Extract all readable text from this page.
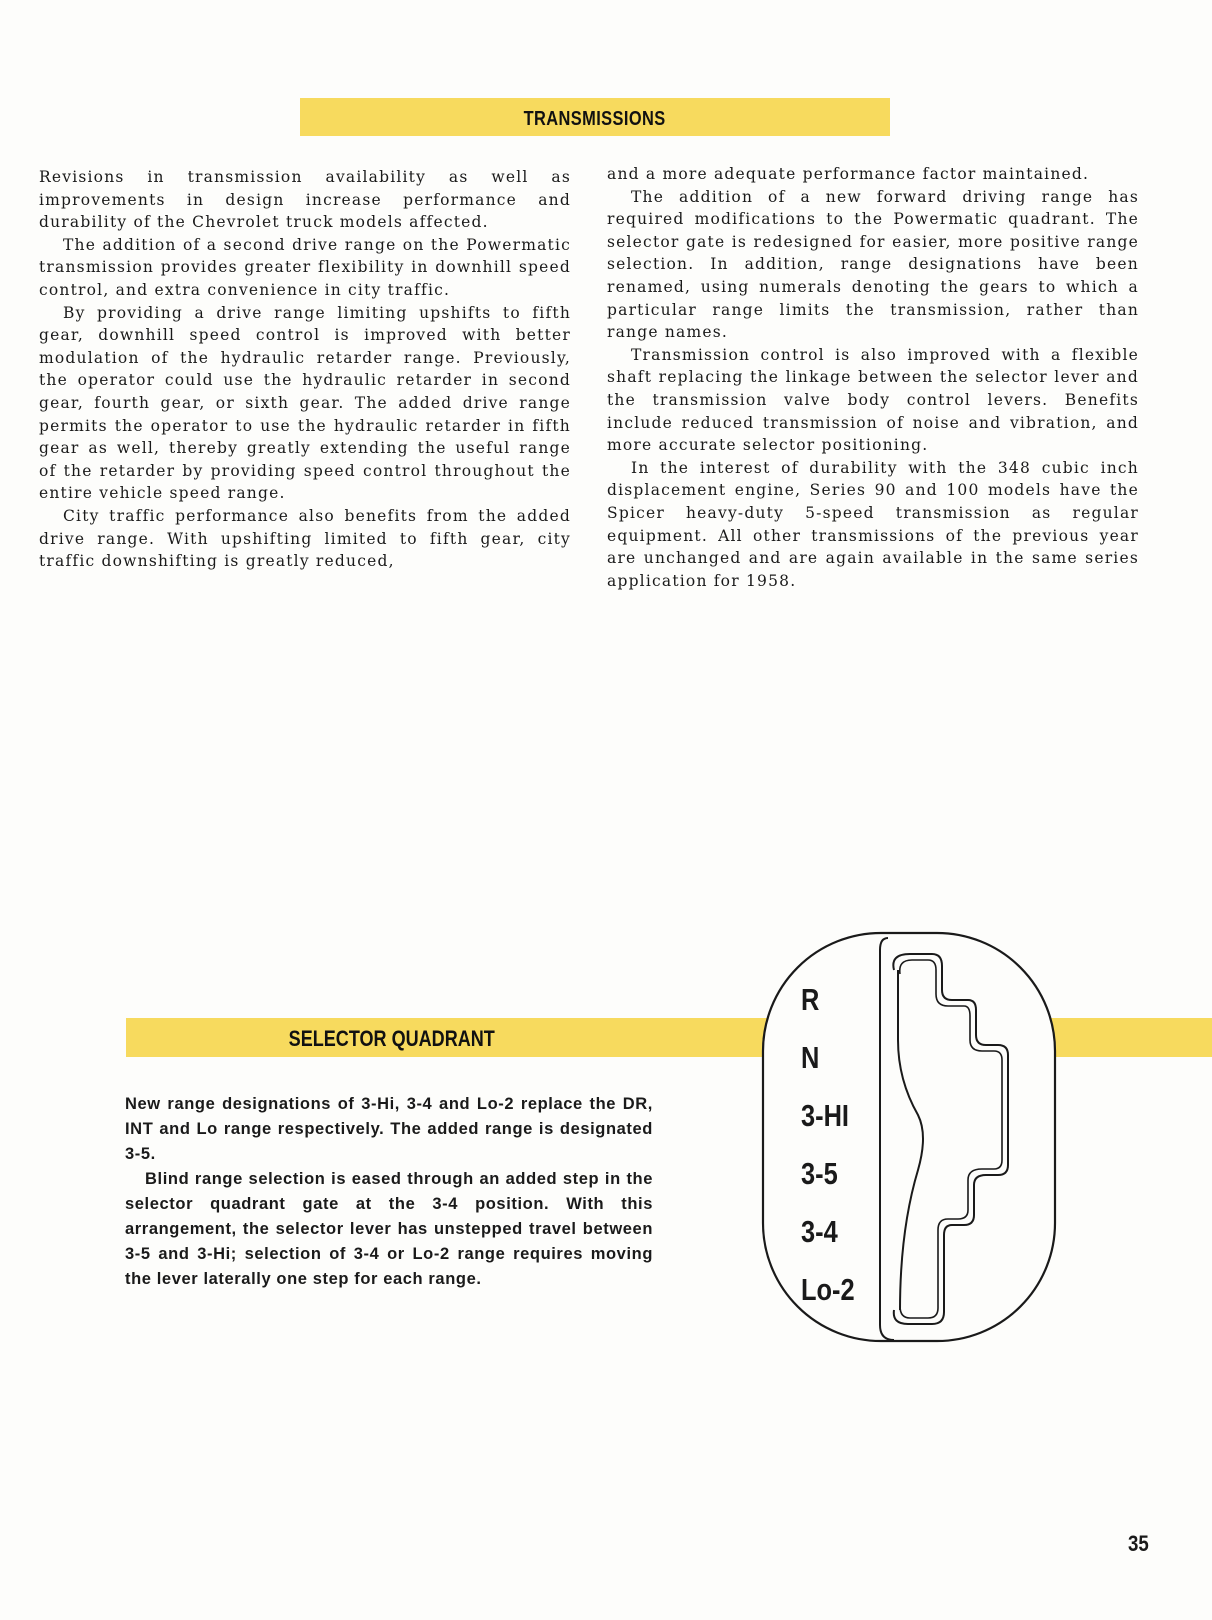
TRANSMISSIONS

Revisions in transmission availability as well as improvements in design increase performance and durability of the Chevrolet truck models affected.

The addition of a second drive range on the Powermatic transmission provides greater flexibility in downhill speed control, and extra convenience in city traffic.

By providing a drive range limiting upshifts to fifth gear, downhill speed control is improved with better modulation of the hydraulic retarder range. Previously, the operator could use the hydraulic retarder in second gear, fourth gear, or sixth gear. The added drive range permits the operator to use the hydraulic retarder in fifth gear as well, thereby greatly extending the useful range of the retarder by providing speed control throughout the entire vehicle speed range.

City traffic performance also benefits from the added drive range. With upshifting limited to fifth gear, city traffic downshifting is greatly reduced,

and a more adequate performance factor maintained.

The addition of a new forward driving range has required modifications to the Powermatic quadrant. The selector gate is redesigned for easier, more positive range selection. In addition, range designations have been renamed, using numerals denoting the gears to which a particular range limits the transmission, rather than range names.

Transmission control is also improved with a flexible shaft replacing the linkage between the selector lever and the transmission valve body control levers. Benefits include reduced transmission of noise and vibration, and more accurate selector positioning.

In the interest of durability with the 348 cubic inch displacement engine, Series 90 and 100 models have the Spicer heavy-duty 5-speed transmission as regular equipment. All other transmissions of the previous year are unchanged and are again available in the same series application for 1958.

SELECTOR QUADRANT

New range designations of 3-Hi, 3-4 and Lo-2 replace the DR, INT and Lo range respectively. The added range is designated 3-5.

Blind range selection is eased through an added step in the selector quadrant gate at the 3-4 position. With this arrangement, the selector lever has unstepped travel between 3-5 and 3-Hi; selection of 3-4 or Lo-2 range requires moving the lever laterally one step for each range.

R
N
3-HI
3-5
3-4
Lo-2
35
